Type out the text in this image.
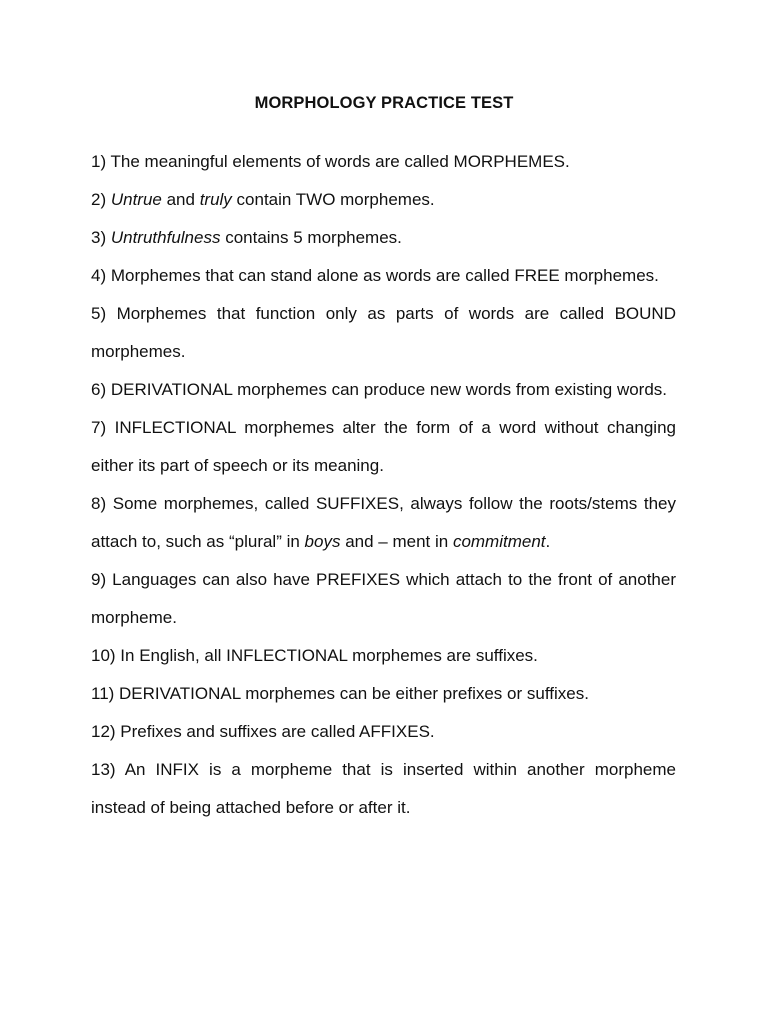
MORPHOLOGY PRACTICE TEST

1) The meaningful elements of words are called MORPHEMES.

2) Untrue and truly contain TWO morphemes.

3) Untruthfulness contains 5 morphemes.

4) Morphemes that can stand alone as words are called FREE morphemes.

5) Morphemes that function only as parts of words are called BOUND morphemes.

6) DERIVATIONAL morphemes can produce new words from existing words.

7) INFLECTIONAL morphemes alter the form of a word without changing either its part of speech or its meaning.

8) Some morphemes, called SUFFIXES, always follow the roots/stems they attach to, such as “plural” in boys and – ment in commitment.

9) Languages can also have PREFIXES which attach to the front of another morpheme.

10) In English, all INFLECTIONAL morphemes are suffixes.

11) DERIVATIONAL morphemes can be either prefixes or suffixes.

12) Prefixes and suffixes are called AFFIXES.

13) An INFIX is a morpheme that is inserted within another morpheme instead of being attached before or after it.
